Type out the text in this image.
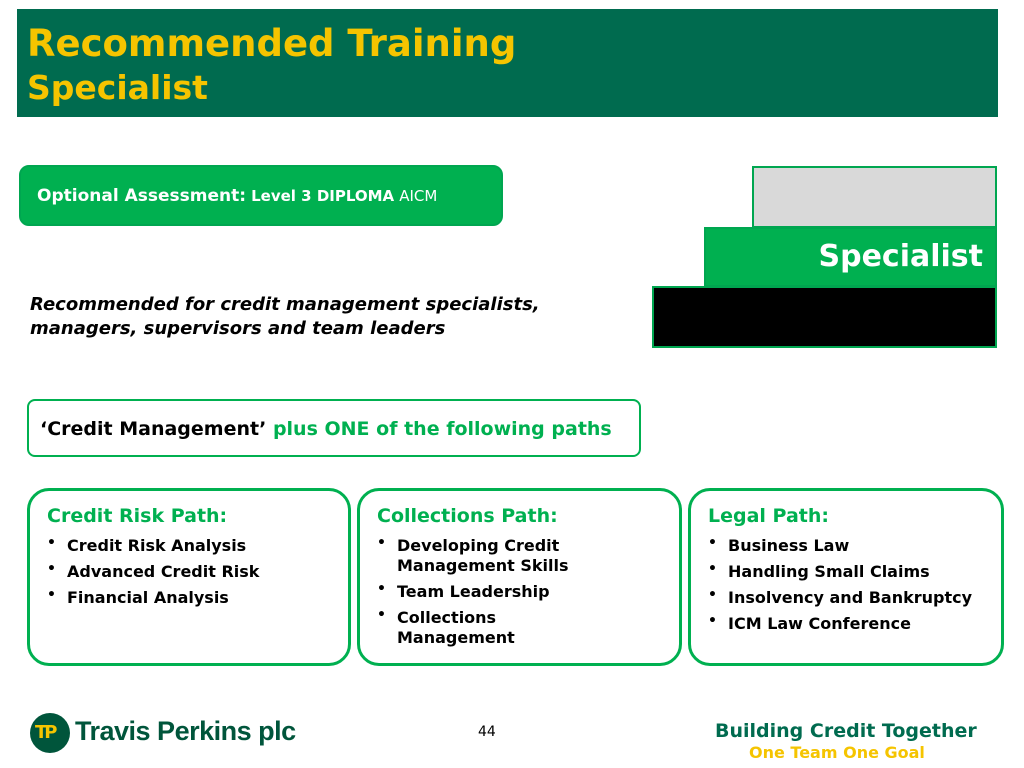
Recommended Training
Specialist
Optional Assessment: Level 3 DIPLOMA AICM
Specialist
Recommended for credit management specialists,
managers, supervisors and team leaders
‘Credit Management’ plus ONE of the following paths
Credit Risk Path:
• Credit Risk Analysis
• Advanced Credit Risk
• Financial Analysis
Collections Path:
• Developing Credit Management Skills
• Team Leadership
• Collections Management
Legal Path:
• Business Law
• Handling Small Claims
• Insolvency and Bankruptcy
• ICM Law Conference
TP Travis Perkins plc	44	Building Credit Together
One Team One Goal
